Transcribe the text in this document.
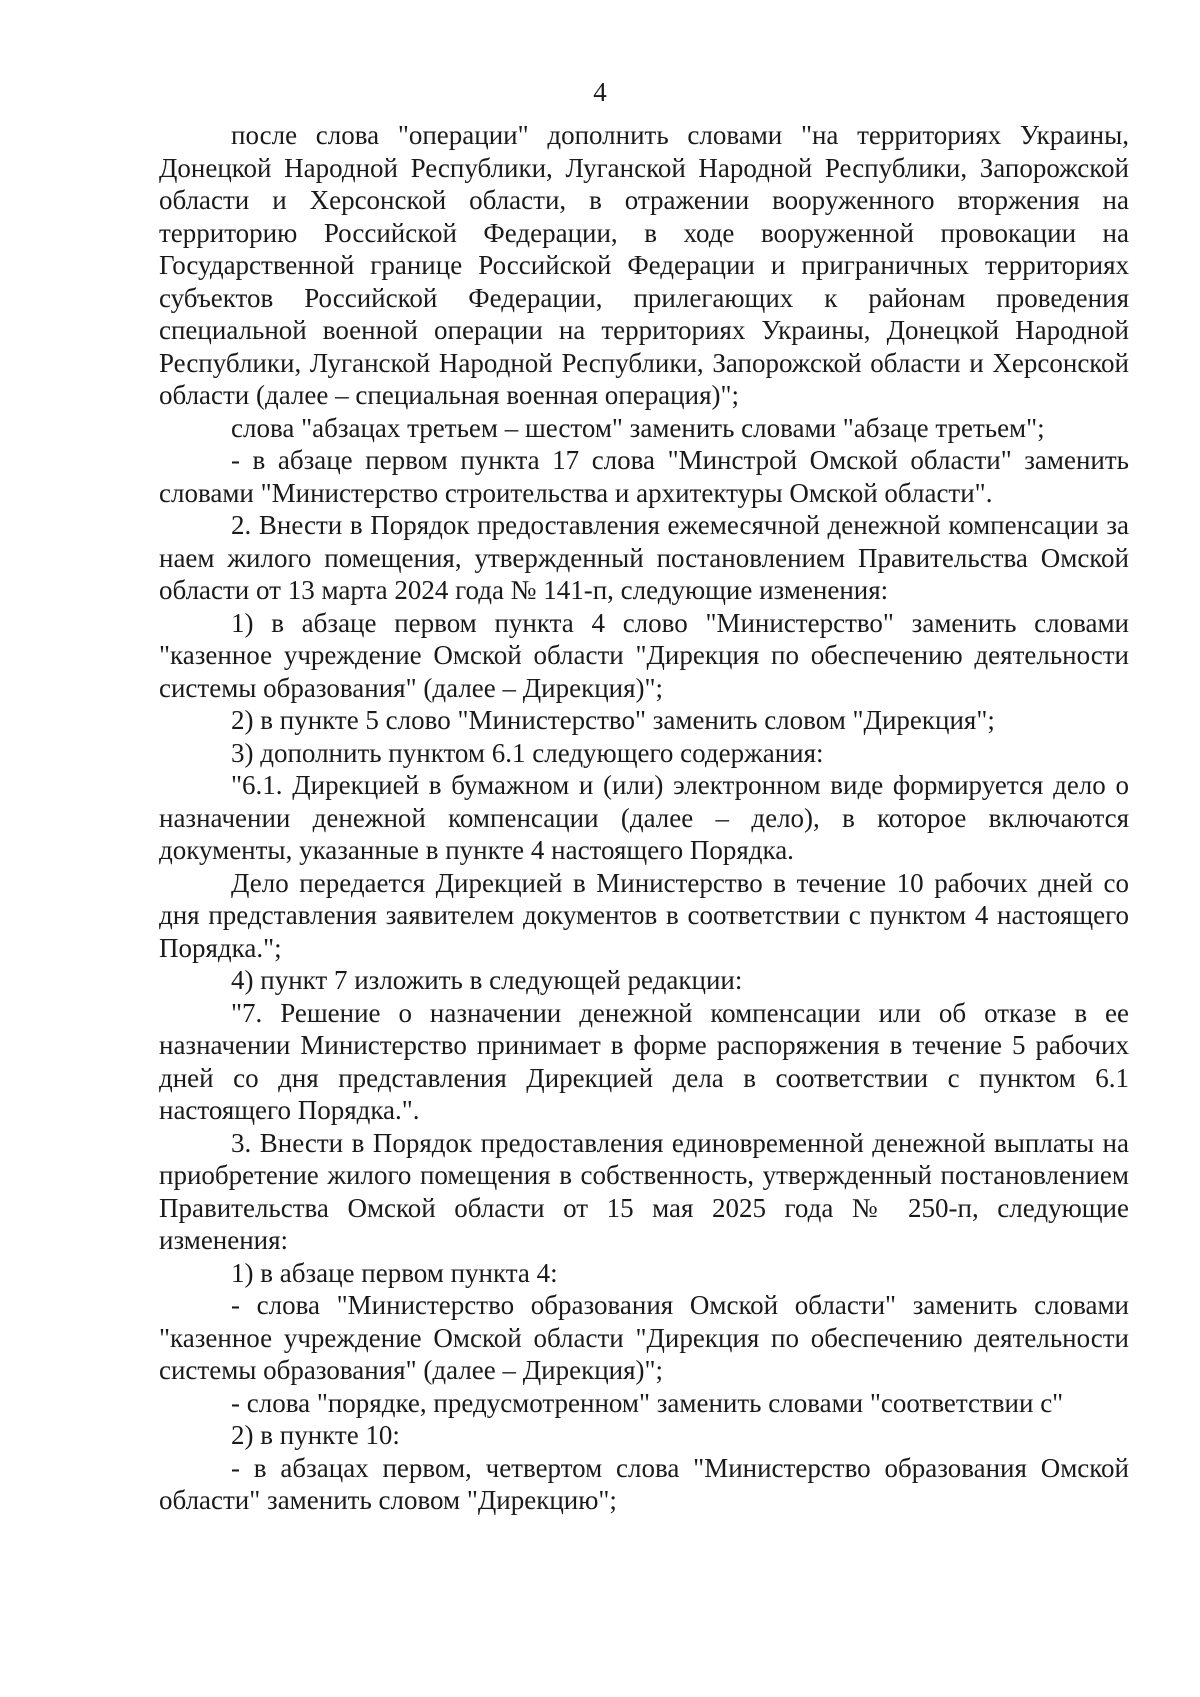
4

после слова "операции" дополнить словами "на территориях Украины, Донецкой Народной Республики, Луганской Народной Республики, Запорожской области и Херсонской области, в отражении вооруженного вторжения на территорию Российской Федерации, в ходе вооруженной провокации на Государственной границе Российской Федерации и приграничных территориях субъектов Российской Федерации, прилегающих к районам проведения специальной военной операции на территориях Украины, Донецкой Народной Республики, Луганской Народной Республики, Запорожской области и Херсонской области (далее – специальная военная операция)";

слова "абзацах третьем – шестом" заменить словами "абзаце третьем";

- в абзаце первом пункта 17 слова "Минстрой Омской области" заменить словами "Министерство строительства и архитектуры Омской области".

2. Внести в Порядок предоставления ежемесячной денежной компенсации за наем жилого помещения, утвержденный постановлением Правительства Омской области от 13 марта 2024 года № 141-п, следующие изменения:

1) в абзаце первом пункта 4 слово "Министерство" заменить словами "казенное учреждение Омской области "Дирекция по обеспечению деятельности системы образования" (далее – Дирекция)";

2) в пункте 5 слово "Министерство" заменить словом "Дирекция";

3) дополнить пунктом 6.1 следующего содержания:

"6.1. Дирекцией в бумажном и (или) электронном виде формируется дело о назначении денежной компенсации (далее – дело), в которое включаются документы, указанные в пункте 4 настоящего Порядка.

Дело передается Дирекцией в Министерство в течение 10 рабочих дней со дня представления заявителем документов в соответствии с пунктом 4 настоящего Порядка.";

4) пункт 7 изложить в следующей редакции:

"7. Решение о назначении денежной компенсации или об отказе в ее назначении Министерство принимает в форме распоряжения в течение 5 рабочих дней со дня представления Дирекцией дела в соответствии с пунктом 6.1 настоящего Порядка.".

3. Внести в Порядок предоставления единовременной денежной выплаты на приобретение жилого помещения в собственность, утвержденный постановлением Правительства Омской области от 15 мая 2025 года № 250-п, следующие изменения:

1) в абзаце первом пункта 4:

- слова "Министерство образования Омской области" заменить словами "казенное учреждение Омской области "Дирекция по обеспечению деятельности системы образования" (далее – Дирекция)";

- слова "порядке, предусмотренном" заменить словами "соответствии с"

2) в пункте 10:

- в абзацах первом, четвертом слова "Министерство образования Омской области" заменить словом "Дирекцию";
